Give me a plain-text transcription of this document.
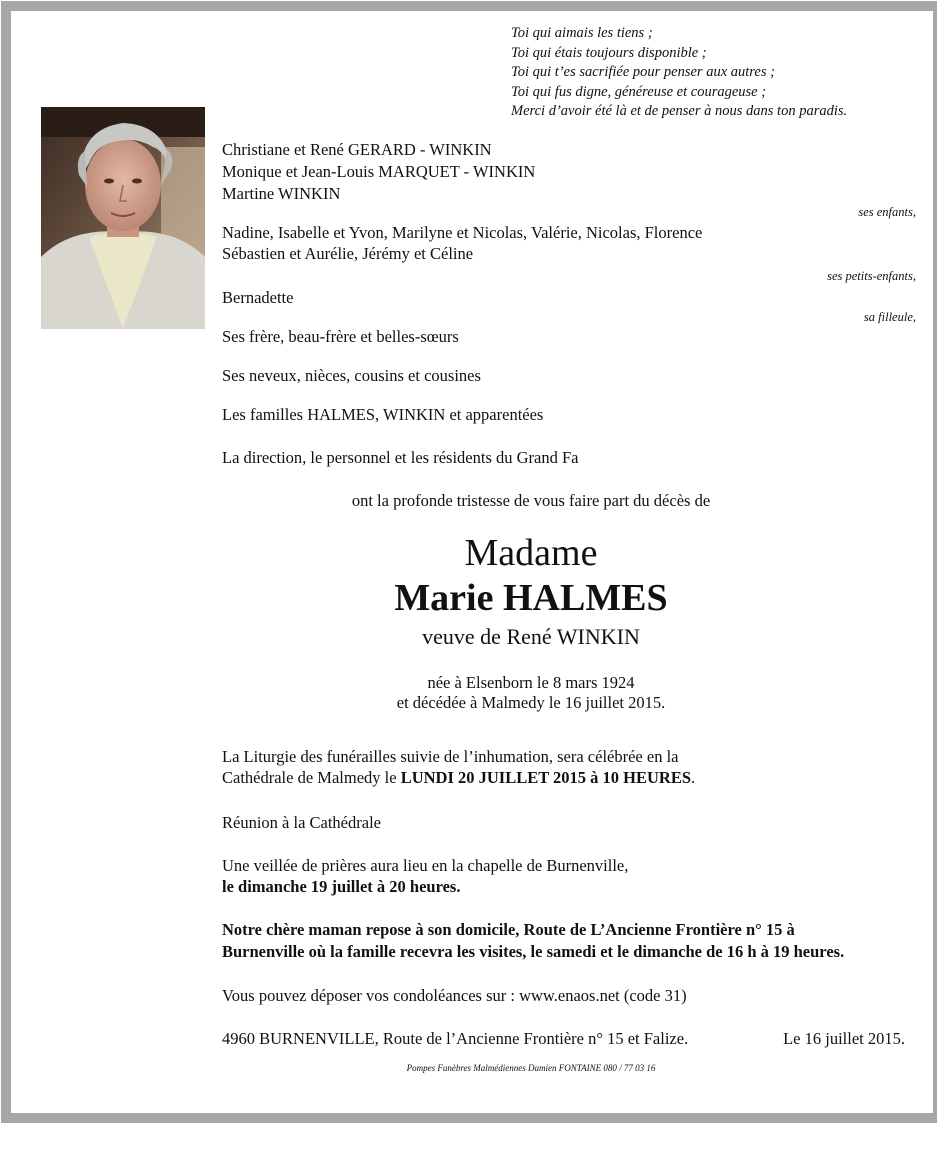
Toi qui aimais les tiens ;
Toi qui étais toujours disponible ;
Toi qui t’es sacrifiée pour penser aux autres ;
Toi qui fus digne, généreuse et courageuse ;
Merci d’avoir été là et de penser à nous dans ton paradis.
Christiane et René GERARD - WINKIN
Monique et Jean-Louis MARQUET - WINKIN
Martine WINKIN
ses enfants,
Nadine, Isabelle et Yvon, Marilyne et Nicolas, Valérie, Nicolas, Florence
Sébastien et Aurélie, Jérémy et Céline
ses petits-enfants,
Bernadette
sa filleule,
Ses frère, beau-frère et belles-sœurs
Ses neveux, nièces, cousins et cousines
Les familles HALMES, WINKIN et apparentées
La direction, le personnel et les résidents du Grand Fa
ont la profonde tristesse de vous faire part du décès de
Madame
Marie HALMES
veuve de René WINKIN
née à Elsenborn le 8 mars 1924
et décédée à Malmedy le 16 juillet 2015.
La Liturgie des funérailles suivie de l’inhumation, sera célébrée en la
Cathédrale de Malmedy le LUNDI 20 JUILLET 2015 à 10 HEURES.
Réunion à la Cathédrale
Une veillée de prières aura lieu en la chapelle de Burnenville,
le dimanche 19 juillet à 20 heures.
Notre chère maman repose à son domicile, Route de L’Ancienne Frontière n° 15 à
Burnenville où la famille recevra les visites, le samedi et le dimanche de 16 h à 19 heures.
Vous pouvez déposer vos condoléances sur : www.enaos.net (code 31)
4960 BURNENVILLE, Route de l’Ancienne Frontière n° 15 et Falize.	Le 16 juillet 2015.
Pompes Funèbres Malmédiennes Damien FONTAINE 080 / 77 03 16
